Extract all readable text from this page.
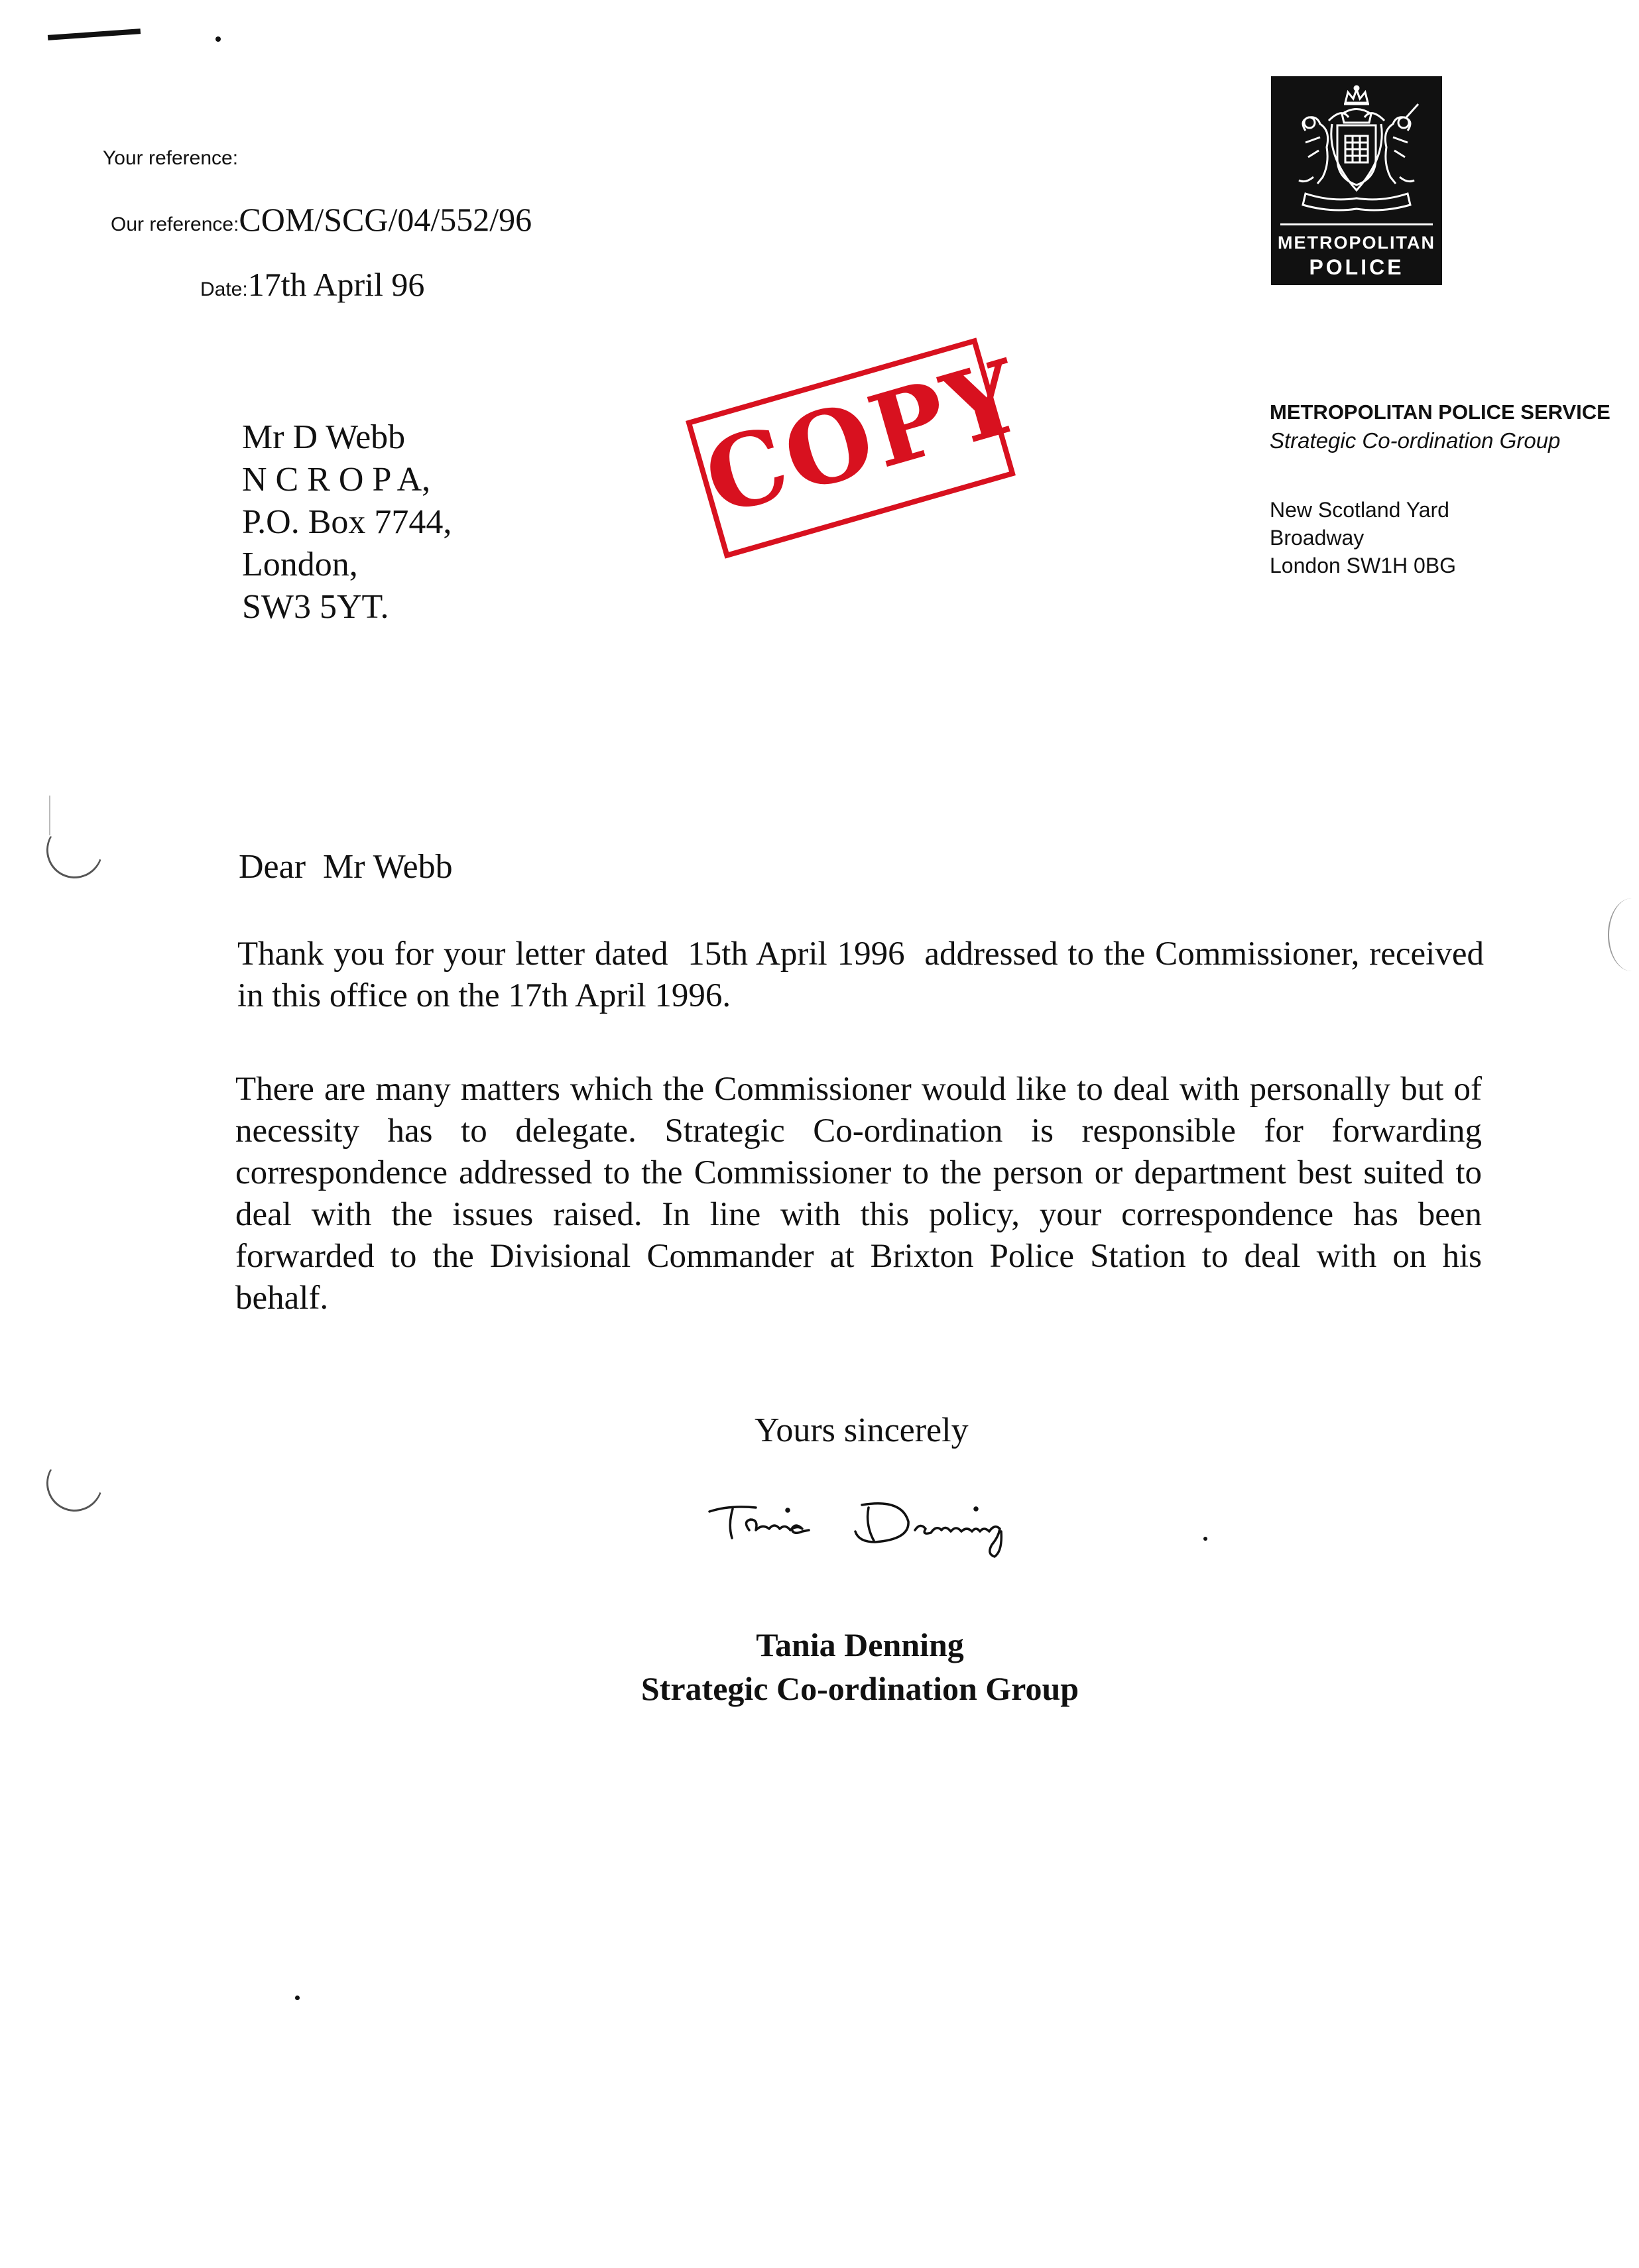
Your reference:
Our reference:COM/SCG/04/552/96
Date:17th April 96
METROPOLITAN
POLICE
COPY	METROPOLITAN POLICE SERVICE
Strategic Co-ordination Group
New Scotland Yard
Broadway
London SW1H 0BG
Mr D Webb
N C R O P A,
P.O. Box 7744,
London,
SW3 5YT.
Dear  Mr Webb
Thank you for your letter dated  15th April 1996  addressed to the Commissioner, received in this office on the 17th April 1996.
There are many matters which the Commissioner would like to deal with personally but of necessity has to delegate. Strategic Co-ordination is responsible for forwarding correspondence addressed to the Commissioner to the person or department best suited to deal with the issues raised. In line with this policy, your correspondence has been forwarded to the Divisional Commander at Brixton Police Station to deal with on his behalf.
Yours sincerely
Tania Denning
Strategic Co-ordination Group
